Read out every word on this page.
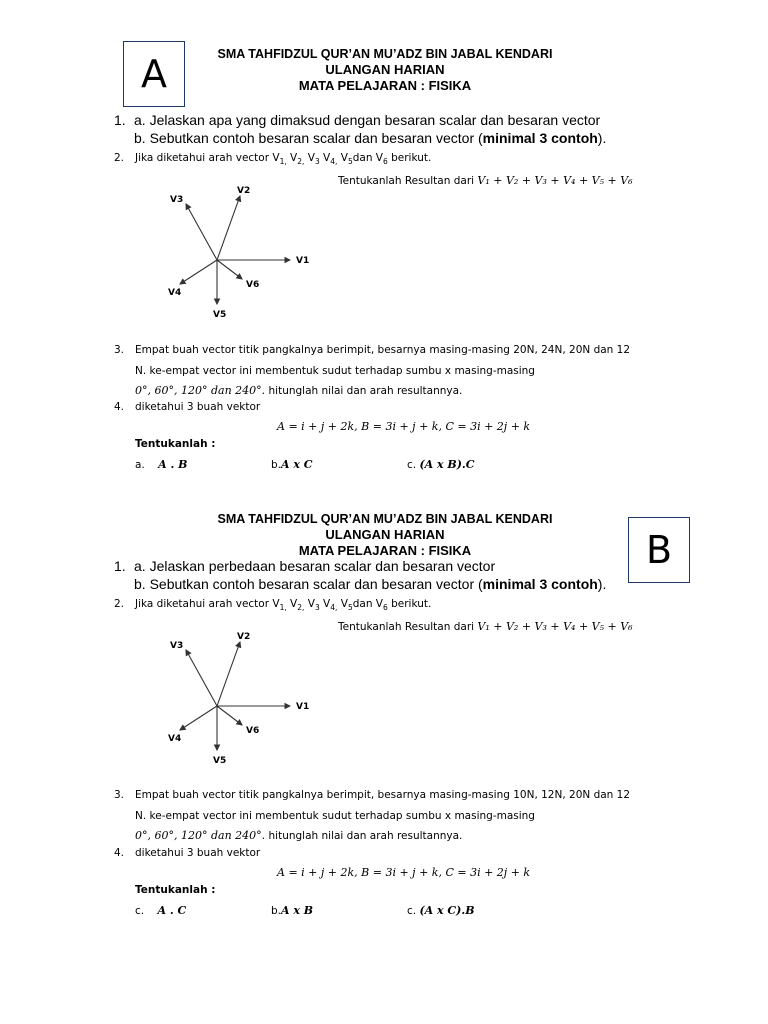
A	SMA TAHFIDZUL QUR’AN MU’ADZ BIN JABAL KENDARI
ULANGAN HARIAN
MATA PELAJARAN : FISIKA
1. a. Jelaskan apa yang dimaksud dengan besaran scalar dan besaran vector

b. Sebutkan contoh besaran scalar dan besaran vector (minimal 3 contoh).
2. Jika diketahui arah vector $V_{1,}$ $V_{2,}$ $V_3$ $V_{4,}$ $V_5dan$ $V_6$ berikut.
Tentukanlah Resultan dari V₁ + V₂ + V₃ + V₄ + V₅ + V₆
V1
V2
V3
V4
V5
V6
3. Empat buah vector titik pangkalnya berimpit, besarnya masing-masing 20N, 24N, 20N dan 12

N. ke-empat vector ini membentuk sudut terhadap sumbu x masing-masing

0°, 60°, 120° dan 240°. hitunglah nilai dan arah resultannya.
4. diketahui 3 buah vektor
A = i + j + 2k, B = 3i + j + k, C = 3i + 2j + k
Tentukanlah :
a. A . B	b.A x C	c. (A x B).C
B
SMA TAHFIDZUL QUR’AN MU’ADZ BIN JABAL KENDARI
ULANGAN HARIAN
MATA PELAJARAN : FISIKA
1. a. Jelaskan perbedaan besaran scalar dan besaran vector

b. Sebutkan contoh besaran scalar dan besaran vector (minimal 3 contoh).
2. Jika diketahui arah vector $V_{1,}$ $V_{2,}$ $V_3$ $V_{4,}$ $V_5dan$ $V_6$ berikut.
Tentukanlah Resultan dari V₁ + V₂ + V₃ + V₄ + V₅ + V₆
V1
V2
V3
V4
V5
V6
3. Empat buah vector titik pangkalnya berimpit, besarnya masing-masing 10N, 12N, 20N dan 12

N. ke-empat vector ini membentuk sudut terhadap sumbu x masing-masing

0°, 60°, 120° dan 240°. hitunglah nilai dan arah resultannya.
4. diketahui 3 buah vektor
A = i + j + 2k, B = 3i + j + k, C = 3i + 2j + k
Tentukanlah :
c. A . C	b.A x B	c. (A x C).B
